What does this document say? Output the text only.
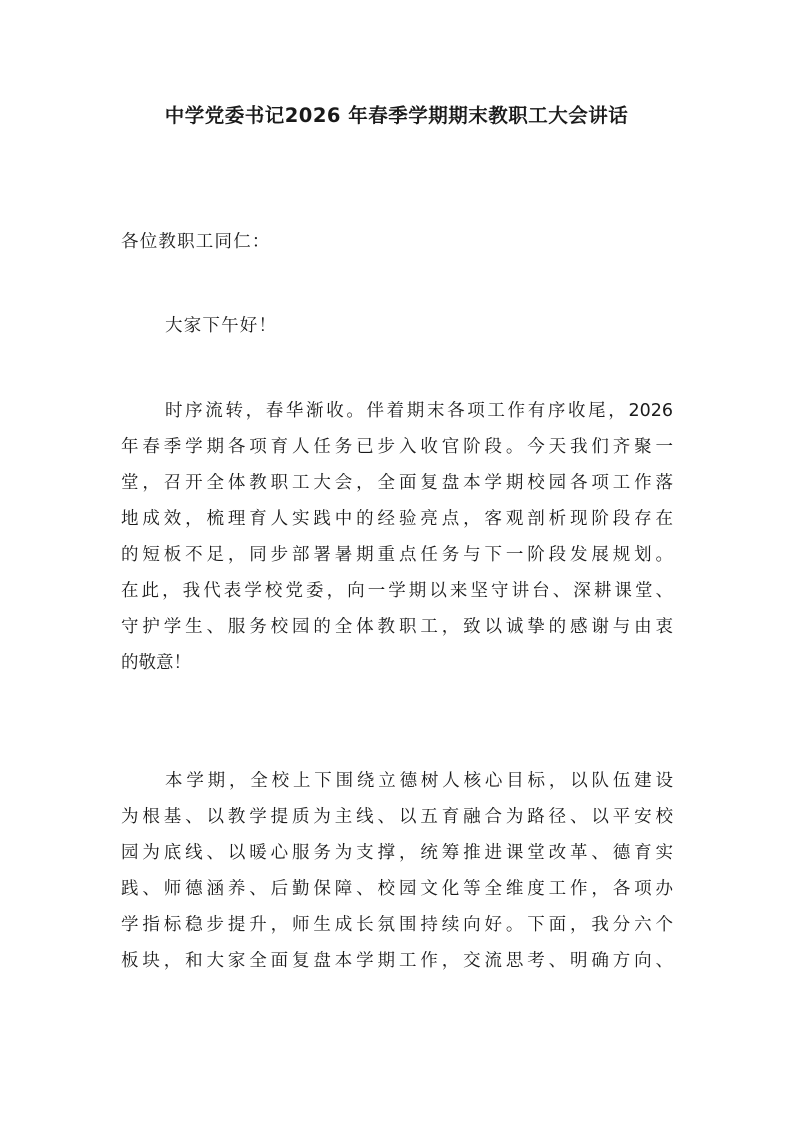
中学党委书记2026 年春季学期期末教职工大会讲话
各位教职工同仁：
大家下午好！
时序流转，春华渐收。伴着期末各项工作有序收尾，2026
年春季学期各项育人任务已步入收官阶段。今天我们齐聚一
堂，召开全体教职工大会，全面复盘本学期校园各项工作落
地成效，梳理育人实践中的经验亮点，客观剖析现阶段存在
的短板不足，同步部署暑期重点任务与下一阶段发展规划。
在此，我代表学校党委，向一学期以来坚守讲台、深耕课堂、
守护学生、服务校园的全体教职工，致以诚挚的感谢与由衷
的敬意！
本学期，全校上下围绕立德树人核心目标，以队伍建设
为根基、以教学提质为主线、以五育融合为路径、以平安校
园为底线、以暖心服务为支撑，统筹推进课堂改革、德育实
践、师德涵养、后勤保障、校园文化等全维度工作，各项办
学指标稳步提升，师生成长氛围持续向好。下面，我分六个
板块，和大家全面复盘本学期工作，交流思考、明确方向、
